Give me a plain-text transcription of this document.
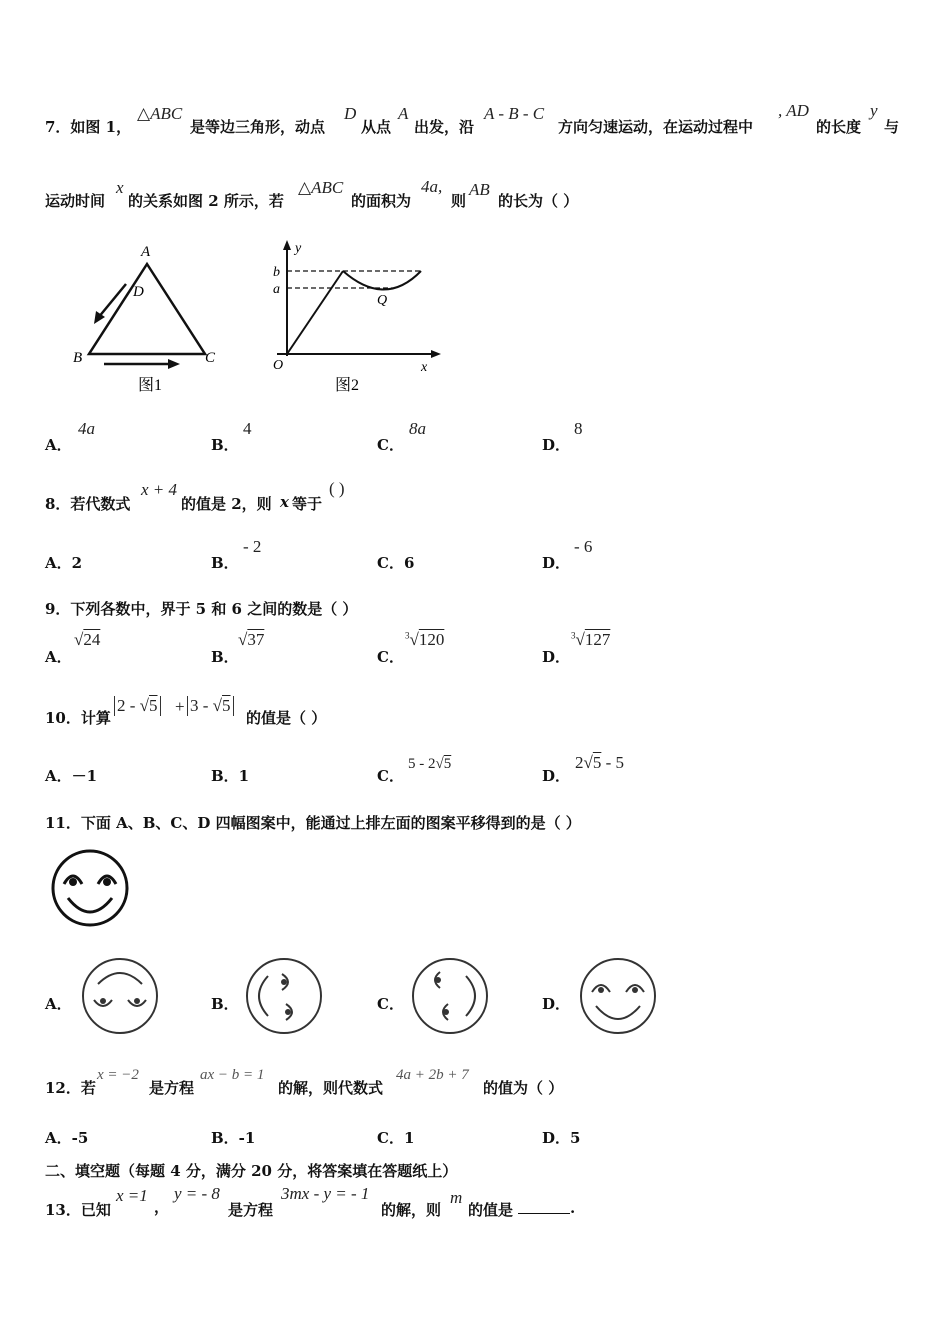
7．如图 1，
△ABC
是等边三角形，动点
D
从点
A
出发，沿
A - B - C
方向匀速运动，在运动过程中
, AD
的长度
y
与
运动时间
x
的关系如图 2 所示，若
△ABC
的面积为
4a,
则
AB
的长为（ ）
A
B	C
D
图1
y
x
O
b
a
Q
图2
A．
4a
B．
4
C．
8a
D．
8
8．若代数式
x + 4
的值是 2，则 x 等于
( )
A．2	B．
- 2
C．6	D．
- 6
9．下列各数中，界于 5 和 6 之间的数是（ ）
A．
√24
B．
√37
C．
$^3$√120
D．
$^3$√127
10．计算
2 - √5 + 3 - √5
的值是（ ）
A．－1	B．1	C．
5 - 2√5
D．
2√5 - 5
11．下面 A、B、C、D 四幅图案中，能通过上排左面的图案平移得到的是（ ）
A．	B．	C．	D．
12．若
x = −2
是方程
ax − b = 1
的解，则代数式
4a + 2b + 7
的值为（ ）
A．-5	B．-1	C．1	D．5
二、填空题（每题 4 分，满分 20 分，将答案填在答题纸上）
13．已知
x =1
，
y = - 8
是方程
3mx - y = - 1
的解，则
m
的值是	.
